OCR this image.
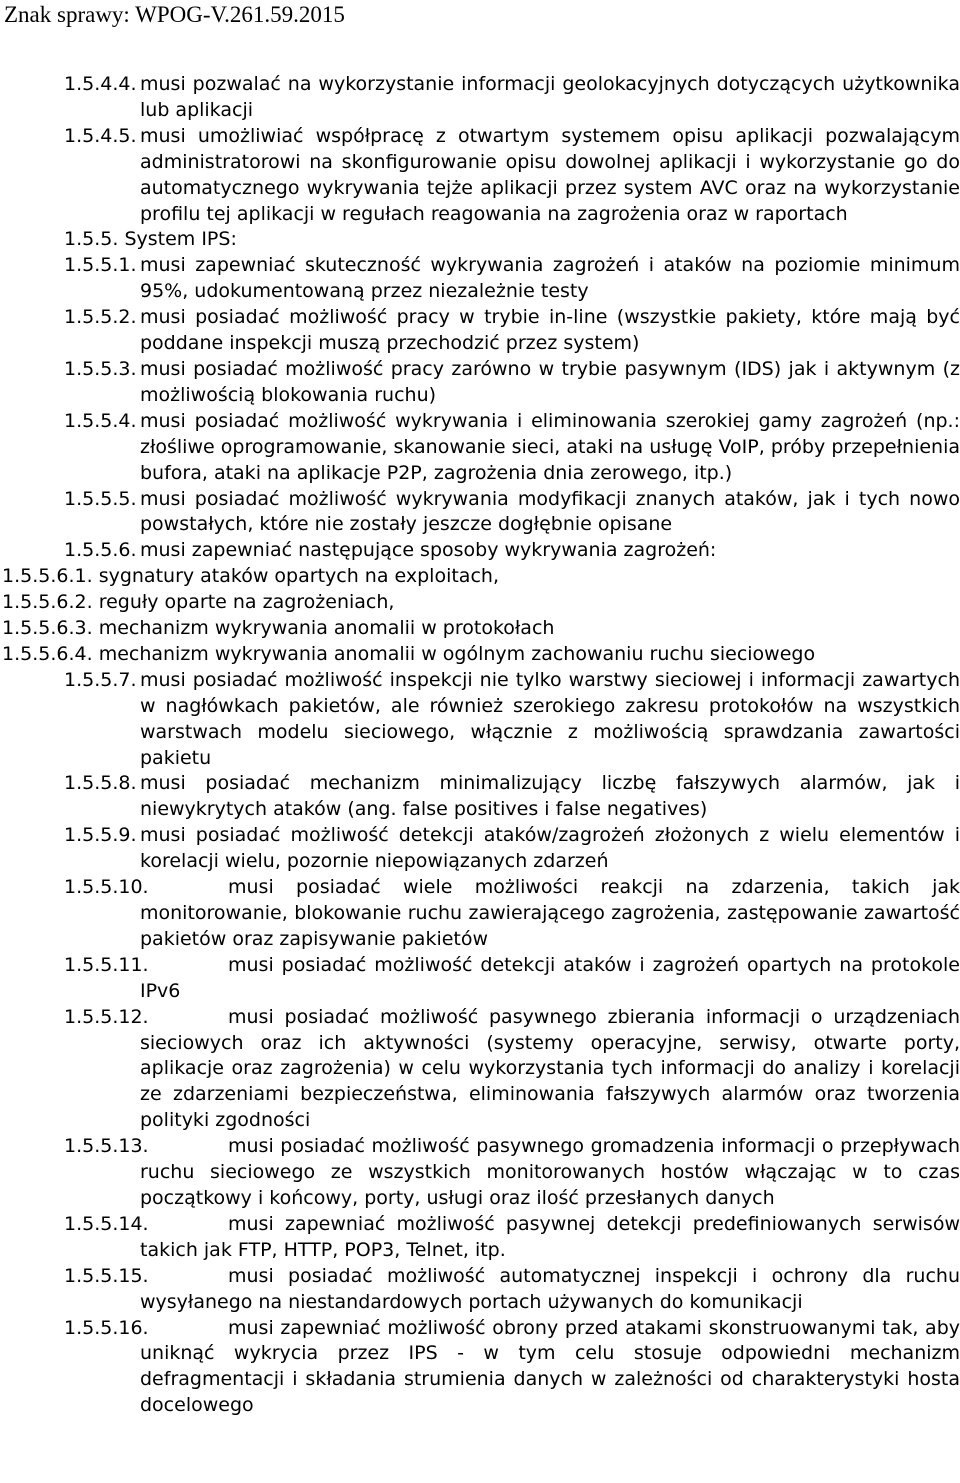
Znak sprawy: WPOG-V.261.59.2015
1.5.4.4. musi pozwalać na wykorzystanie informacji geolokacyjnych dotyczących użytkownika lub aplikacji
1.5.4.5. musi umożliwiać współpracę z otwartym systemem opisu aplikacji pozwalającym administratorowi na skonfigurowanie opisu dowolnej aplikacji i wykorzystanie go do automatycznego wykrywania tejże aplikacji przez system AVC oraz na wykorzystanie profilu tej aplikacji w regułach reagowania na zagrożenia oraz w raportach
1.5.5. System IPS:
1.5.5.1. musi zapewniać skuteczność wykrywania zagrożeń i ataków na poziomie minimum 95%, udokumentowaną przez niezależnie testy
1.5.5.2. musi posiadać możliwość pracy w trybie in-line (wszystkie pakiety, które mają być poddane inspekcji muszą przechodzić przez system)
1.5.5.3. musi posiadać możliwość pracy zarówno w trybie pasywnym (IDS) jak i aktywnym (z możliwością blokowania ruchu)
1.5.5.4. musi posiadać możliwość wykrywania i eliminowania szerokiej gamy zagrożeń (np.: złośliwe oprogramowanie, skanowanie sieci, ataki na usługę VoIP, próby przepełnienia bufora, ataki na aplikacje P2P, zagrożenia dnia zerowego, itp.)
1.5.5.5. musi posiadać możliwość wykrywania modyfikacji znanych ataków, jak i tych nowo powstałych, które nie zostały jeszcze dogłębnie opisane
1.5.5.6. musi zapewniać następujące sposoby wykrywania zagrożeń:
1.5.5.6.1. sygnatury ataków opartych na exploitach,
1.5.5.6.2. reguły oparte na zagrożeniach,
1.5.5.6.3. mechanizm wykrywania anomalii w protokołach
1.5.5.6.4. mechanizm wykrywania anomalii w ogólnym zachowaniu ruchu sieciowego
1.5.5.7. musi posiadać możliwość inspekcji nie tylko warstwy sieciowej i informacji zawartych w nagłówkach pakietów, ale również szerokiego zakresu protokołów na wszystkich warstwach modelu sieciowego, włącznie z możliwością sprawdzania zawartości pakietu
1.5.5.8. musi posiadać mechanizm minimalizujący liczbę fałszywych alarmów, jak i niewykrytych ataków (ang. false positives i false negatives)
1.5.5.9. musi posiadać możliwość detekcji ataków/zagrożeń złożonych z wielu elementów i korelacji wielu, pozornie niepowiązanych zdarzeń
1.5.5.10.	musi posiadać wiele możliwości reakcji na zdarzenia, takich jak monitorowanie, blokowanie ruchu zawierającego zagrożenia, zastępowanie zawartość pakietów oraz zapisywanie pakietów
1.5.5.11.	musi posiadać możliwość detekcji ataków i zagrożeń opartych na protokole IPv6
1.5.5.12.	musi posiadać możliwość pasywnego zbierania informacji o urządzeniach sieciowych oraz ich aktywności (systemy operacyjne, serwisy, otwarte porty, aplikacje oraz zagrożenia) w celu wykorzystania tych informacji do analizy i korelacji ze zdarzeniami bezpieczeństwa, eliminowania fałszywych alarmów oraz tworzenia polityki zgodności
1.5.5.13.	musi posiadać możliwość pasywnego gromadzenia informacji o przepływach ruchu sieciowego ze wszystkich monitorowanych hostów włączając w to czas początkowy i końcowy, porty, usługi oraz ilość przesłanych danych
1.5.5.14.	musi zapewniać możliwość pasywnej detekcji predefiniowanych serwisów takich jak FTP, HTTP, POP3, Telnet, itp.
1.5.5.15.	musi posiadać możliwość automatycznej inspekcji i ochrony dla ruchu wysyłanego na niestandardowych portach używanych do komunikacji
1.5.5.16.	musi zapewniać możliwość obrony przed atakami skonstruowanymi tak, aby uniknąć wykrycia przez IPS - w tym celu stosuje odpowiedni mechanizm defragmentacji i składania strumienia danych w zależności od charakterystyki hosta docelowego
